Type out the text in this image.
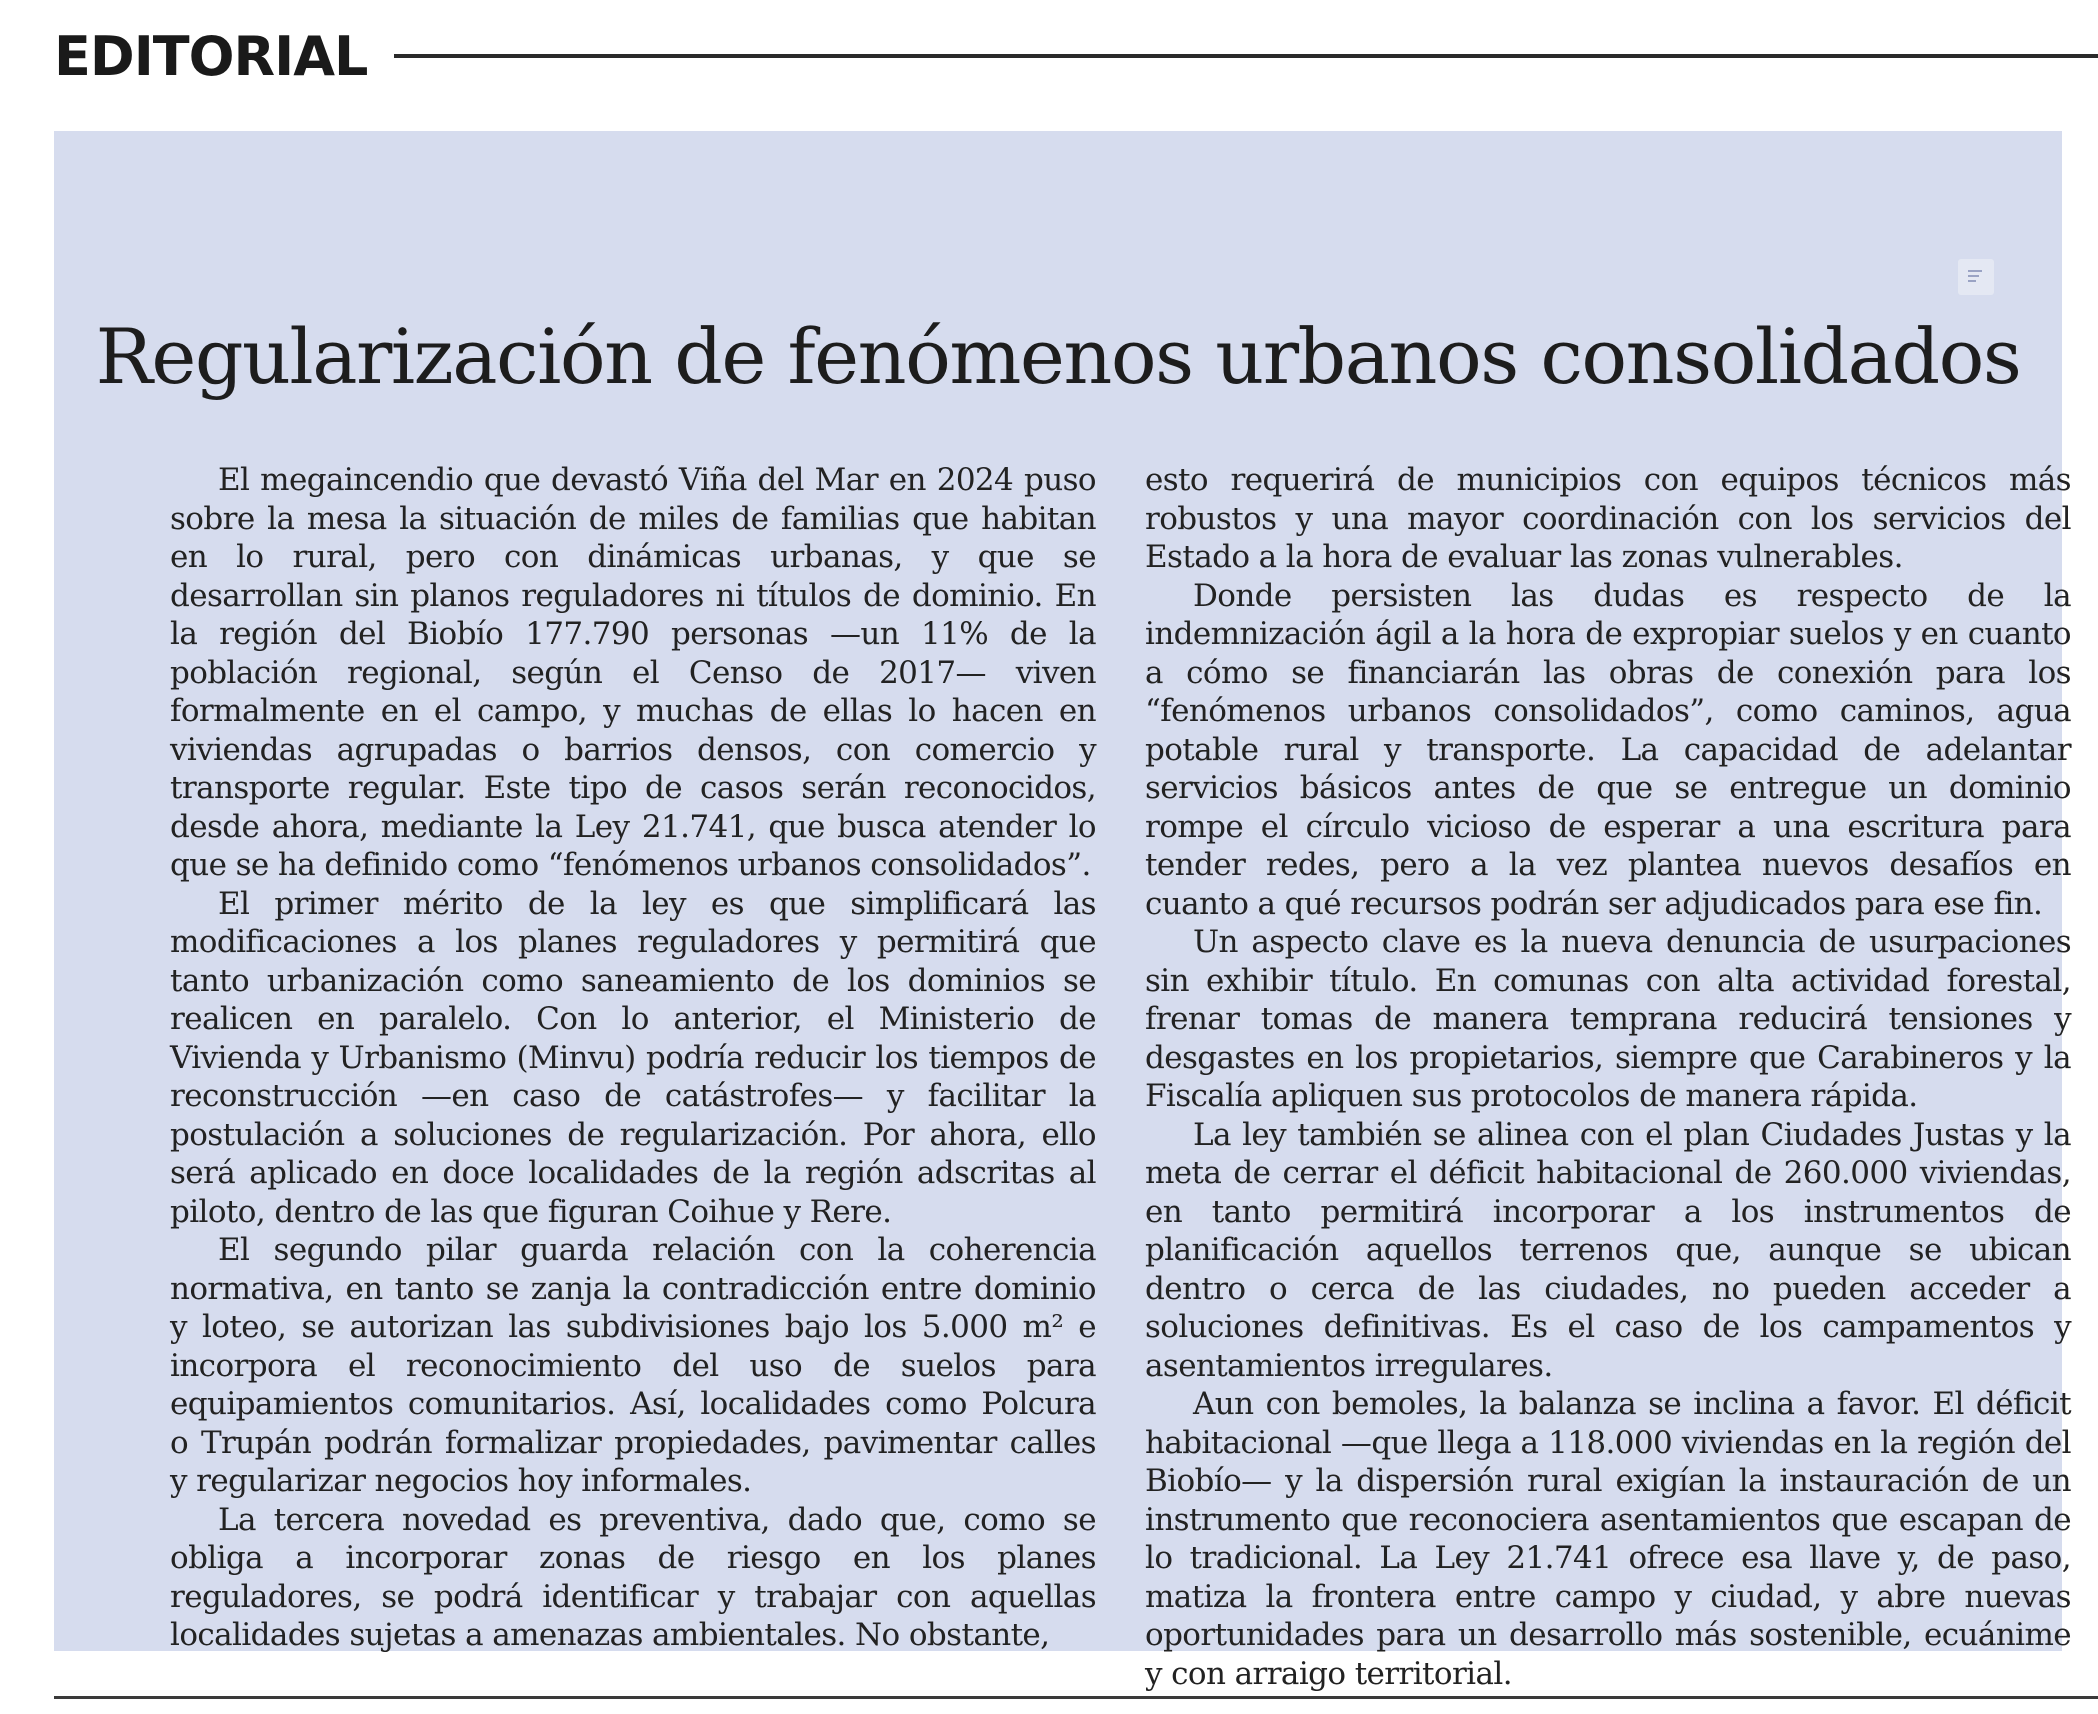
EDITORIAL
Regularización de fenómenos urbanos consolidados

El megaincendio que devastó Viña del Mar en 2024 puso sobre la mesa la situación de miles de familias que habitan en lo rural, pero con dinámicas urbanas, y que se desarrollan sin planos reguladores ni títulos de dominio. En la región del Biobío 177.790 personas —un 11% de la población regional, según el Censo de 2017— viven formalmente en el campo, y muchas de ellas lo hacen en viviendas agrupadas o barrios densos, con comercio y transporte regular. Este tipo de casos serán reconocidos, desde ahora, mediante la Ley 21.741, que busca atender lo que se ha definido como “fenómenos urbanos consolidados”.

El primer mérito de la ley es que simplificará las modificaciones a los planes reguladores y permitirá que tanto urbanización como saneamiento de los dominios se realicen en paralelo. Con lo anterior, el Ministerio de Vivienda y Urbanismo (Minvu) podría reducir los tiempos de reconstrucción —en caso de catástrofes— y facilitar la postulación a soluciones de regularización. Por ahora, ello será aplicado en doce localidades de la región adscritas al piloto, dentro de las que figuran Coihue y Rere.

El segundo pilar guarda relación con la coherencia normativa, en tanto se zanja la contradicción entre dominio y loteo, se autorizan las subdivisiones bajo los 5.000 m² e incorpora el reconocimiento del uso de suelos para equipamientos comunitarios. Así, localidades como Polcura o Trupán podrán formalizar propiedades, pavimentar calles y regularizar negocios hoy informales.

La tercera novedad es preventiva, dado que, como se obliga a incorporar zonas de riesgo en los planes reguladores, se podrá identificar y trabajar con aquellas localidades sujetas a amenazas ambientales. No obstante,

esto requerirá de municipios con equipos técnicos más robustos y una mayor coordinación con los servicios del Estado a la hora de evaluar las zonas vulnerables.

Donde persisten las dudas es respecto de la indemnización ágil a la hora de expropiar suelos y en cuanto a cómo se financiarán las obras de conexión para los “fenómenos urbanos consolidados”, como caminos, agua potable rural y transporte. La capacidad de adelantar servicios básicos antes de que se entregue un dominio rompe el círculo vicioso de esperar a una escritura para tender redes, pero a la vez plantea nuevos desafíos en cuanto a qué recursos podrán ser adjudicados para ese fin.

Un aspecto clave es la nueva denuncia de usurpaciones sin exhibir título. En comunas con alta actividad forestal, frenar tomas de manera temprana reducirá tensiones y desgastes en los propietarios, siempre que Carabineros y la Fiscalía apliquen sus protocolos de manera rápida.

La ley también se alinea con el plan Ciudades Justas y la meta de cerrar el déficit habitacional de 260.000 viviendas, en tanto permitirá incorporar a los instrumentos de planificación aquellos terrenos que, aunque se ubican dentro o cerca de las ciudades, no pueden acceder a soluciones definitivas. Es el caso de los campamentos y asentamientos irregulares.

Aun con bemoles, la balanza se inclina a favor. El déficit habitacional —que llega a 118.000 viviendas en la región del Biobío— y la dispersión rural exigían la instauración de un instrumento que reconociera asentamientos que escapan de lo tradicional. La Ley 21.741 ofrece esa llave y, de paso, matiza la frontera entre campo y ciudad, y abre nuevas oportunidades para un desarrollo más sostenible, ecuánime y con arraigo territorial.
